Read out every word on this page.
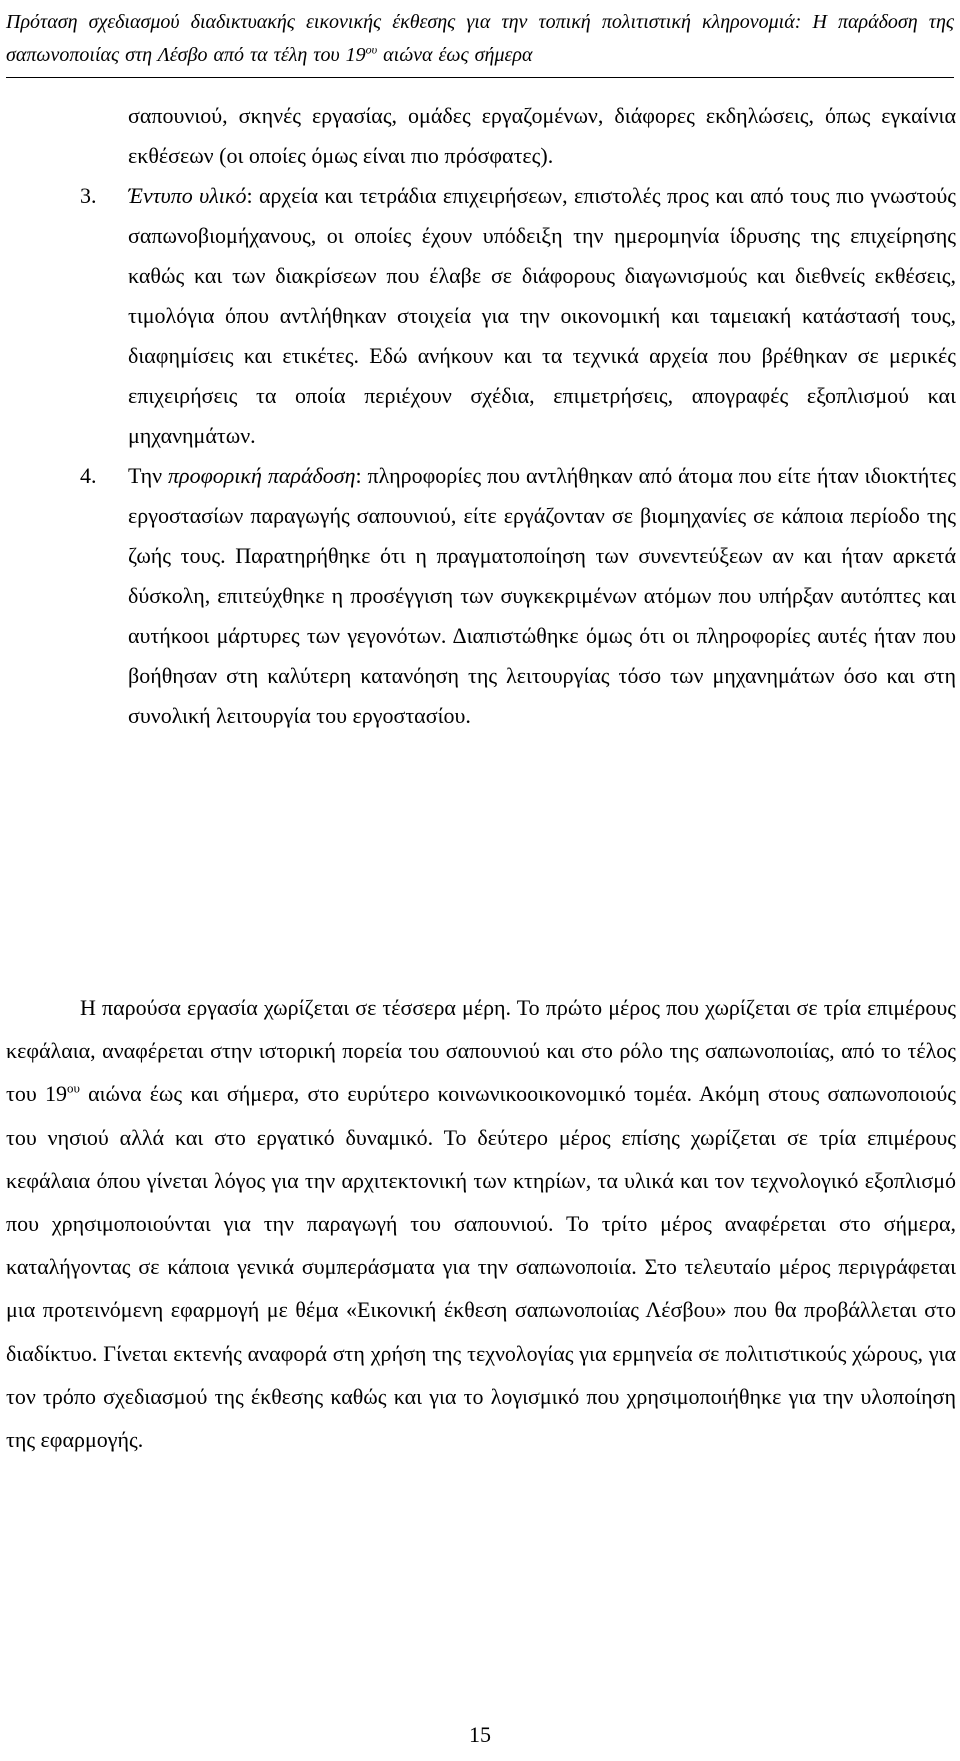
Πρόταση σχεδιασμού διαδικτυακής εικονικής έκθεσης για την τοπική πολιτιστική κληρονομιά: Η παράδοση της σαπωνοποιίας στη Λέσβο από τα τέλη του $19^{o\upsilon}$ αιώνα έως σήμερα
σαπουνιού, σκηνές εργασίας, ομάδες εργαζομένων, διάφορες εκδηλώσεις, όπως εγκαίνια εκθέσεων (οι οποίες όμως είναι πιο πρόσφατες).
3. Έντυπο υλικό: αρχεία και τετράδια επιχειρήσεων, επιστολές προς και από τους πιο γνωστούς σαπωνοβιομήχανους, οι οποίες έχουν υπόδειξη την ημερομηνία ίδρυσης της επιχείρησης καθώς και των διακρίσεων που έλαβε σε διάφορους διαγωνισμούς και διεθνείς εκθέσεις, τιμολόγια όπου αντλήθηκαν στοιχεία για την οικονομική και ταμειακή κατάστασή τους, διαφημίσεις και ετικέτες. Εδώ ανήκουν και τα τεχνικά αρχεία που βρέθηκαν σε μερικές επιχειρήσεις τα οποία περιέχουν σχέδια, επιμετρήσεις, απογραφές εξοπλισμού και μηχανημάτων.
4. Την προφορική παράδοση: πληροφορίες που αντλήθηκαν από άτομα που είτε ήταν ιδιοκτήτες εργοστασίων παραγωγής σαπουνιού, είτε εργάζονταν σε βιομηχανίες σε κάποια περίοδο της ζωής τους. Παρατηρήθηκε ότι η πραγματοποίηση των συνεντεύξεων αν και ήταν αρκετά δύσκολη, επιτεύχθηκε η προσέγγιση των συγκεκριμένων ατόμων που υπήρξαν αυτόπτες και αυτήκοοι μάρτυρες των γεγονότων. Διαπιστώθηκε όμως ότι οι πληροφορίες αυτές ήταν που βοήθησαν στη καλύτερη κατανόηση της λειτουργίας τόσο των μηχανημάτων όσο και στη συνολική λειτουργία του εργοστασίου.
Η παρούσα εργασία χωρίζεται σε τέσσερα μέρη. Το πρώτο μέρος που χωρίζεται σε τρία επιμέρους κεφάλαια, αναφέρεται στην ιστορική πορεία του σαπουνιού και στο ρόλο της σαπωνοποιίας, από το τέλος του $19^{o\upsilon}$ αιώνα έως και σήμερα, στο ευρύτερο κοινωνικοοικονομικό τομέα. Ακόμη στους σαπωνοποιούς του νησιού αλλά και στο εργατικό δυναμικό. Το δεύτερο μέρος επίσης χωρίζεται σε τρία επιμέρους κεφάλαια όπου γίνεται λόγος για την αρχιτεκτονική των κτηρίων, τα υλικά και τον τεχνολογικό εξοπλισμό που χρησιμοποιούνται για την παραγωγή του σαπουνιού. Το τρίτο μέρος αναφέρεται στο σήμερα, καταλήγοντας σε κάποια γενικά συμπεράσματα για την σαπωνοποιία. Στο τελευταίο μέρος περιγράφεται μια προτεινόμενη εφαρμογή με θέμα «Εικονική έκθεση σαπωνοποιίας Λέσβου» που θα προβάλλεται στο διαδίκτυο. Γίνεται εκτενής αναφορά στη χρήση της τεχνολογίας για ερμηνεία σε πολιτιστικούς χώρους, για τον τρόπο σχεδιασμού της έκθεσης καθώς και για το λογισμικό που χρησιμοποιήθηκε για την υλοποίηση της εφαρμογής.
15
